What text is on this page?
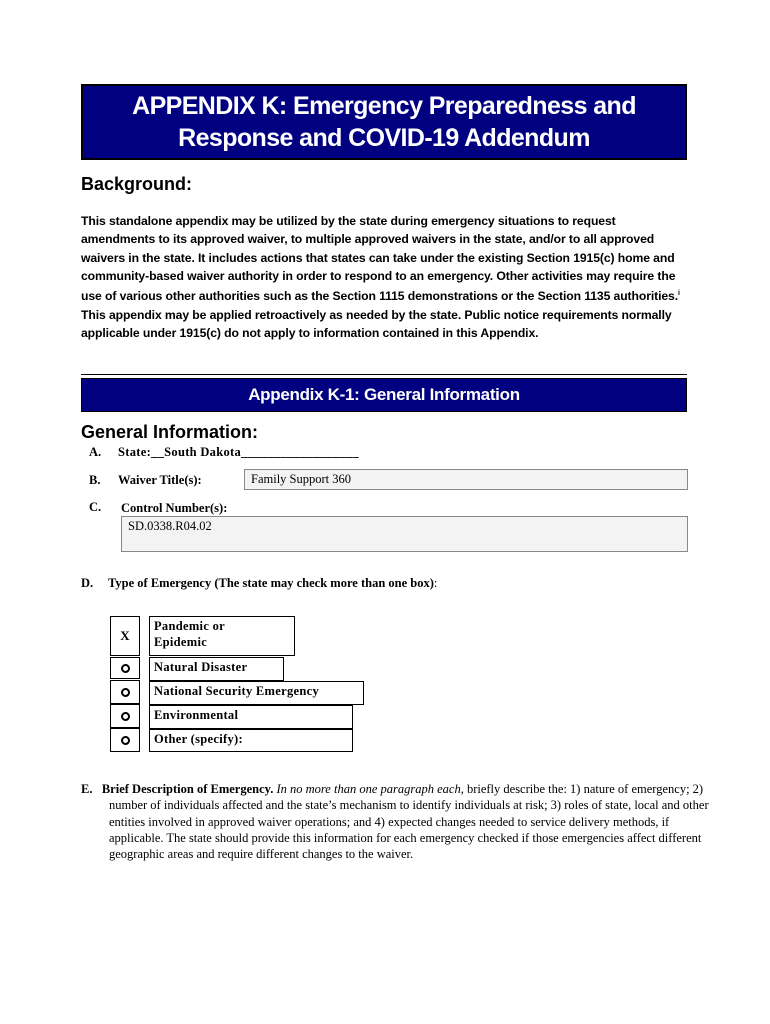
APPENDIX K: Emergency Preparedness and
Response and COVID-19 Addendum
Background:
This standalone appendix may be utilized by the state during emergency situations to request amendments to its approved waiver, to multiple approved waivers in the state, and/or to all approved waivers in the state. It includes actions that states can take under the existing Section 1915(c) home and community-based waiver authority in order to respond to an emergency. Other activities may require the use of various other authorities such as the Section 1115 demonstrations or the Section 1135 authorities.$^i$ This appendix may be applied retroactively as needed by the state. Public notice requirements normally applicable under 1915(c) do not apply to information contained in this Appendix.
Appendix K-1: General Information
General Information:
A. State:__South Dakota__________________
B. Waiver Title(s):	Family Support 360
C. Control Number(s):
SD.0338.R04.02
D. Type of Emergency (The state may check more than one box):
X
Pandemic or
Epidemic
Natural Disaster
National Security Emergency
Environmental
Other (specify):
E. Brief Description of Emergency. In no more than one paragraph each, briefly describe the: 1) nature of emergency; 2) number of individuals affected and the state’s mechanism to identify individuals at risk; 3) roles of state, local and other entities involved in approved waiver operations; and 4) expected changes needed to service delivery methods, if applicable. The state should provide this information for each emergency checked if those emergencies affect different geographic areas and require different changes to the waiver.
